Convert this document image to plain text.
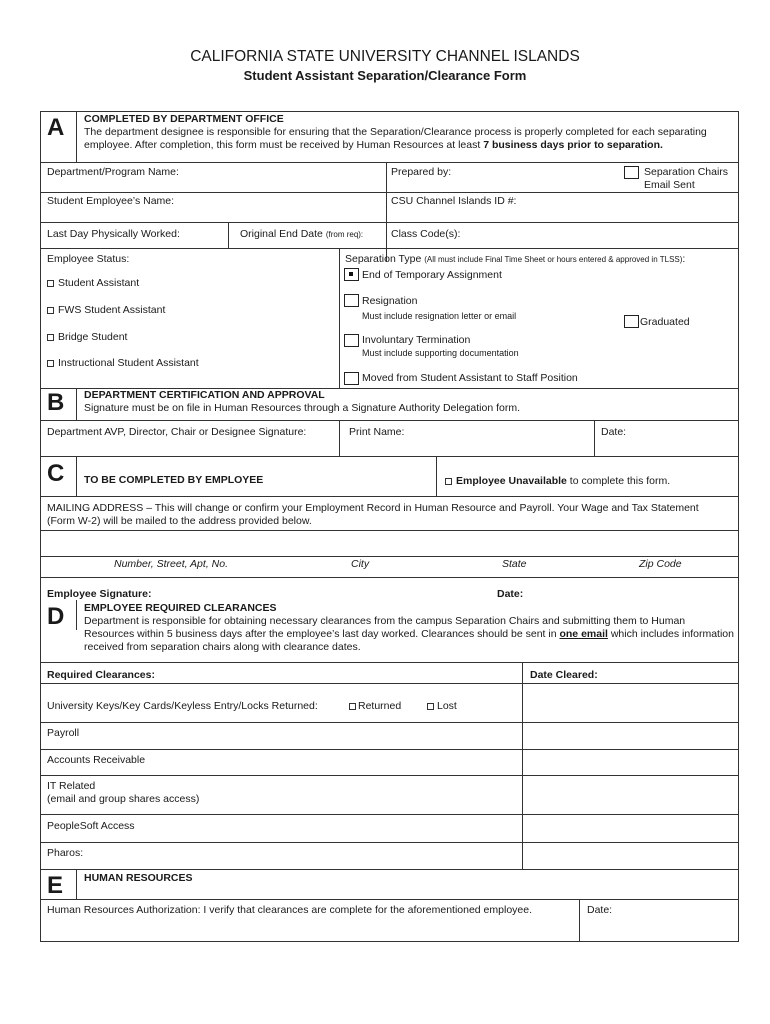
CALIFORNIA STATE UNIVERSITY CHANNEL ISLANDS
Student Assistant Separation/Clearance Form
A COMPLETED BY DEPARTMENT OFFICE
The department designee is responsible for ensuring that the Separation/Clearance process is properly completed for each separating employee. After completion, this form must be received by Human Resources at least 7 business days prior to separation.
Department/Program Name:	Prepared by:	Separation Chairs
Email Sent
Student Employee’s Name:	CSU Channel Islands ID #:
Last Day Physically Worked:	Original End Date (from req):	Class Code(s):
Employee Status:
Student Assistant
FWS Student Assistant
Bridge Student
Instructional Student Assistant
Separation Type (All must include Final Time Sheet or hours entered & approved in TLSS):
End of Temporary Assignment
Resignation
Must include resignation letter or email	Graduated
Involuntary Termination
Must include supporting documentation
Moved from Student Assistant to Staff Position
B DEPARTMENT CERTIFICATION AND APPROVAL
Signature must be on file in Human Resources through a Signature Authority Delegation form.
Department AVP, Director, Chair or Designee Signature:	Print Name:	Date:
C TO BE COMPLETED BY EMPLOYEE	Employee Unavailable to complete this form.
MAILING ADDRESS – This will change or confirm your Employment Record in Human Resource and Payroll. Your Wage and Tax Statement (Form W-2) will be mailed to the address provided below.
Number, Street, Apt, No.	City	State	Zip Code
Employee Signature:	Date:
D EMPLOYEE REQUIRED CLEARANCES
Department is responsible for obtaining necessary clearances from the campus Separation Chairs and submitting them to Human Resources within 5 business days after the employee’s last day worked. Clearances should be sent in one email which includes information received from separation chairs along with clearance dates.
Required Clearances:	Date Cleared:
University Keys/Key Cards/Keyless Entry/Locks Returned:	Returned	Lost
Payroll
Accounts Receivable
IT Related
(email and group shares access)
PeopleSoft Access
Pharos:
E HUMAN RESOURCES
Human Resources Authorization: I verify that clearances are complete for the aforementioned employee.	Date:
